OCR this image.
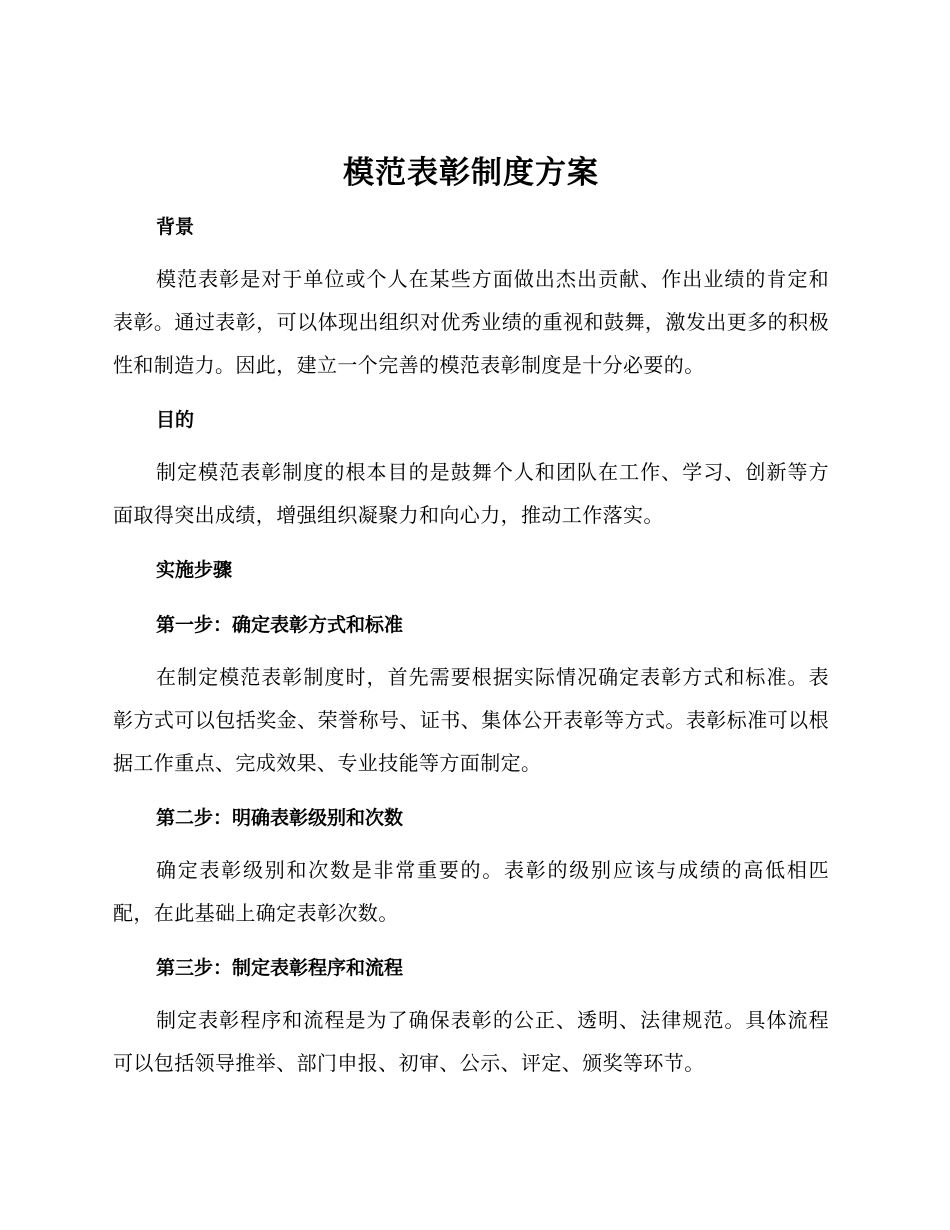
模范表彰制度方案
背景

模范表彰是对于单位或个人在某些方面做出杰出贡献、作出业绩的肯定和表彰。通过表彰，可以体现出组织对优秀业绩的重视和鼓舞，激发出更多的积极性和制造力。因此，建立一个完善的模范表彰制度是十分必要的。

目的

制定模范表彰制度的根本目的是鼓舞个人和团队在工作、学习、创新等方面取得突出成绩，增强组织凝聚力和向心力，推动工作落实。

实施步骤
第一步：确定表彰方式和标准

在制定模范表彰制度时，首先需要根据实际情况确定表彰方式和标准。表彰方式可以包括奖金、荣誉称号、证书、集体公开表彰等方式。表彰标准可以根据工作重点、完成效果、专业技能等方面制定。

第二步：明确表彰级别和次数

确定表彰级别和次数是非常重要的。表彰的级别应该与成绩的高低相匹配，在此基础上确定表彰次数。

第三步：制定表彰程序和流程

制定表彰程序和流程是为了确保表彰的公正、透明、法律规范。具体流程可以包括领导推举、部门申报、初审、公示、评定、颁奖等环节。
